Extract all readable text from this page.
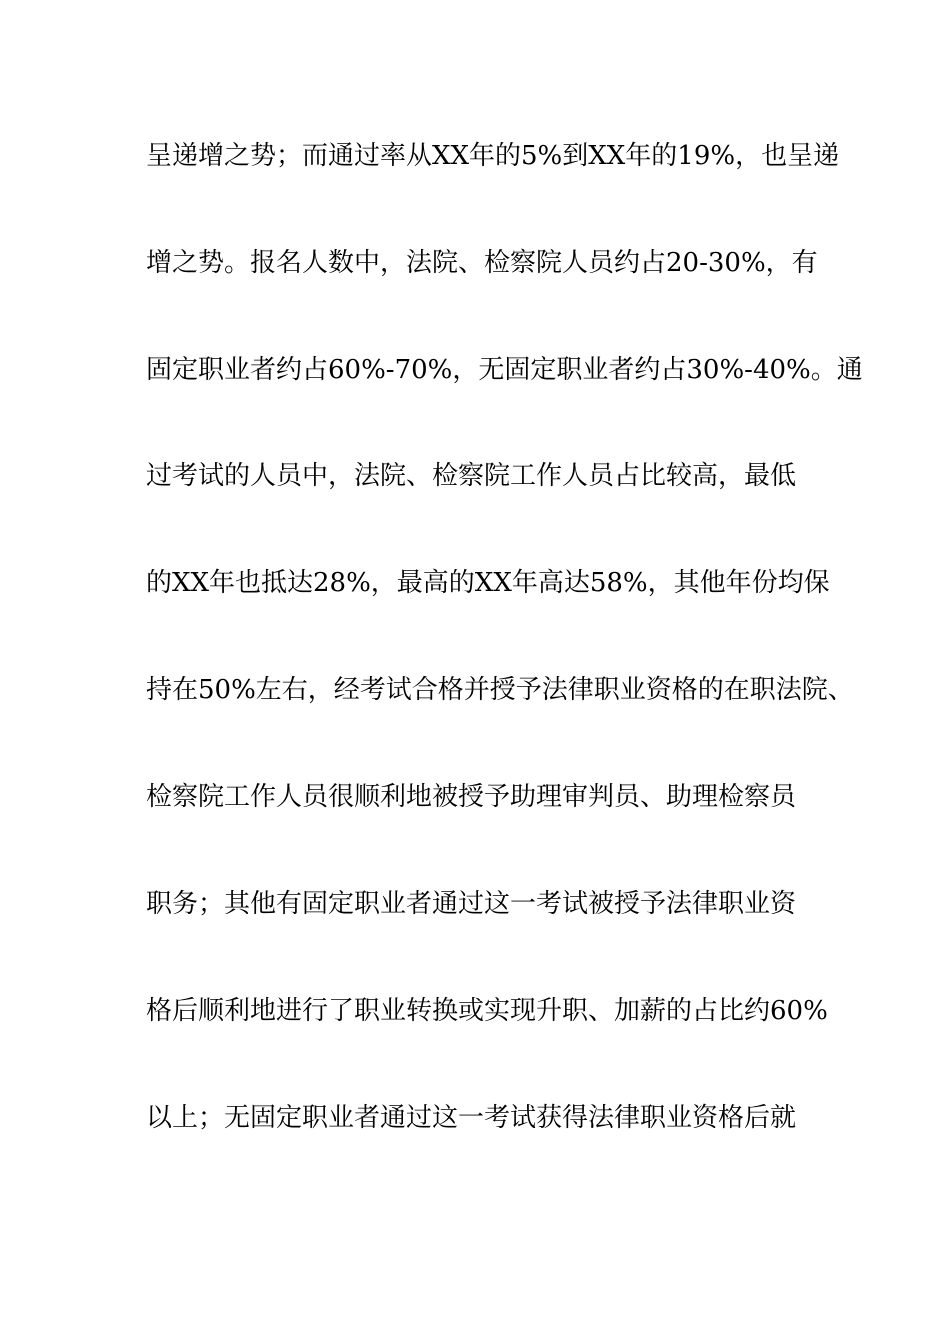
呈递增之势；而通过率从XX年的5%到XX年的19%，也呈递
增之势。报名人数中，法院、检察院人员约占20-30%，有
固定职业者约占60%-70%，无固定职业者约占30%-40%。通
过考试的人员中，法院、检察院工作人员占比较高，最低
的XX年也抵达28%，最高的XX年高达58%，其他年份均保
持在50%左右，经考试合格并授予法律职业资格的在职法院、
检察院工作人员很顺利地被授予助理审判员、助理检察员
职务；其他有固定职业者通过这一考试被授予法律职业资
格后顺利地进行了职业转换或实现升职、加薪的占比约60%
以上；无固定职业者通过这一考试获得法律职业资格后就
